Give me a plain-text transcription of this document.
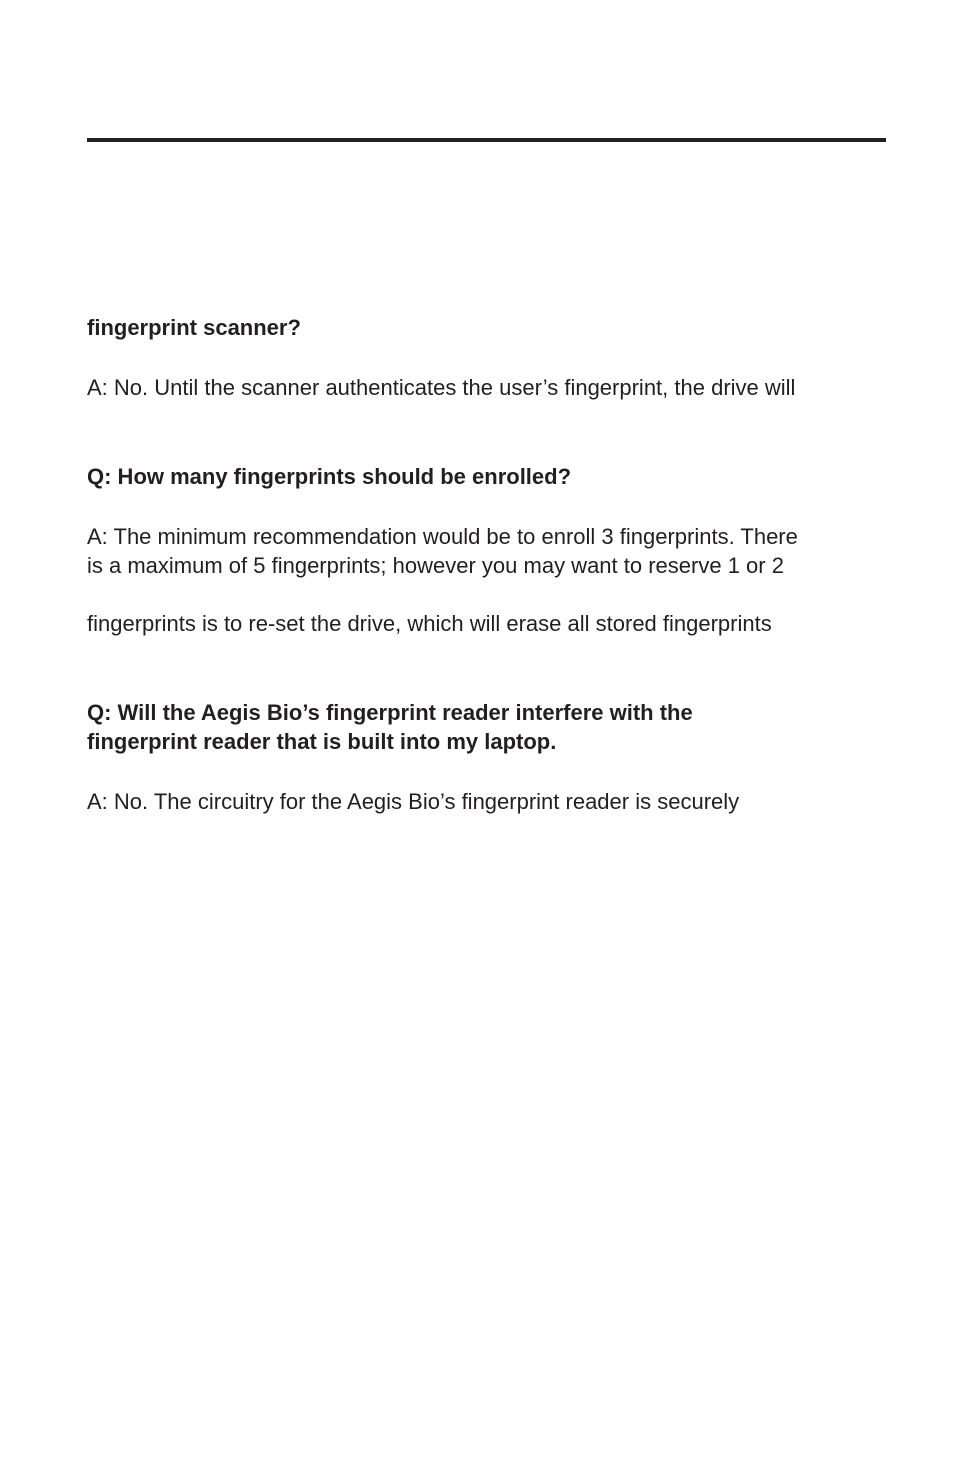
fingerprint scanner?
A: No. Until the scanner authenticates the user’s fingerprint, the drive will
Q: How many fingerprints should be enrolled?
A: The minimum recommendation would be to enroll 3 fingerprints. There
is a maximum of 5 fingerprints; however you may want to reserve 1 or 2
fingerprints is to re-set the drive, which will erase all stored fingerprints
Q: Will the Aegis Bio’s fingerprint reader interfere with the
fingerprint reader that is built into my laptop.
A: No. The circuitry for the Aegis Bio’s fingerprint reader is securely
